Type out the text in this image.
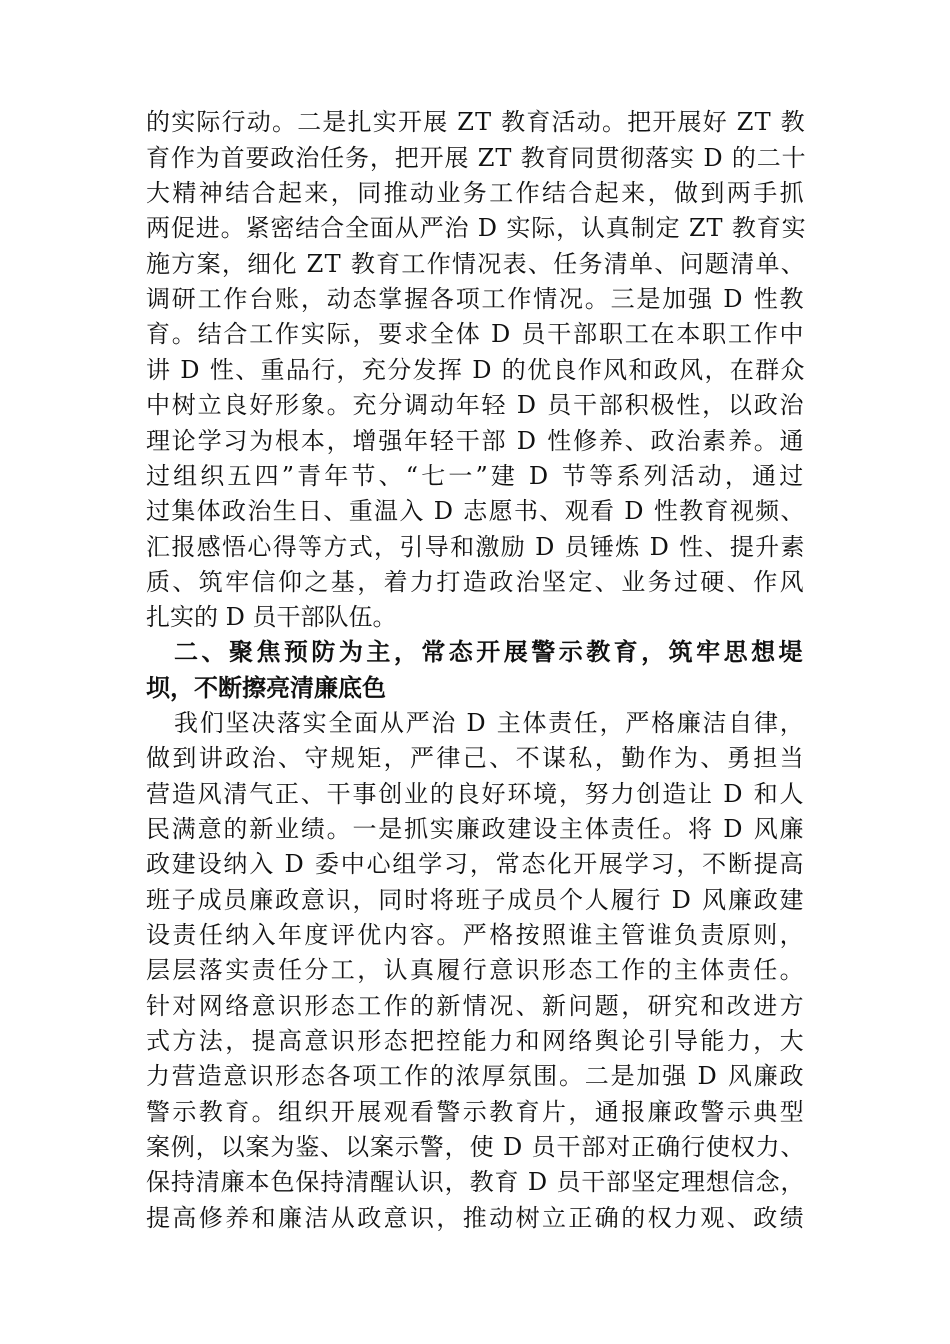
的实际行动。二是扎实开展 ZT 教育活动。把开展好 ZT 教
育作为首要政治任务，把开展 ZT 教育同贯彻落实 D 的二十
大精神结合起来，同推动业务工作结合起来，做到两手抓
两促进。紧密结合全面从严治 D 实际，认真制定 ZT 教育实
施方案，细化 ZT 教育工作情况表、任务清单、问题清单、
调研工作台账，动态掌握各项工作情况。三是加强 D 性教
育。结合工作实际，要求全体 D 员干部职工在本职工作中
讲 D 性、重品行，充分发挥 D 的优良作风和政风，在群众
中树立良好形象。充分调动年轻 D 员干部积极性，以政治
理论学习为根本，增强年轻干部 D 性修养、政治素养。通
过组织五四”青年节、“七一”建 D 节等系列活动，通过
过集体政治生日、重温入 D 志愿书、观看 D 性教育视频、
汇报感悟心得等方式，引导和激励 D 员锤炼 D 性、提升素
质、筑牢信仰之基，着力打造政治坚定、业务过硬、作风
扎实的 D 员干部队伍。
二、聚焦预防为主，常态开展警示教育，筑牢思想堤
坝，不断擦亮清廉底色
我们坚决落实全面从严治 D 主体责任，严格廉洁自律，
做到讲政治、守规矩，严律己、不谋私，勤作为、勇担当
营造风清气正、干事创业的良好环境，努力创造让 D 和人
民满意的新业绩。一是抓实廉政建设主体责任。将 D 风廉
政建设纳入 D 委中心组学习，常态化开展学习，不断提高
班子成员廉政意识，同时将班子成员个人履行 D 风廉政建
设责任纳入年度评优内容。严格按照谁主管谁负责原则，
层层落实责任分工，认真履行意识形态工作的主体责任。
针对网络意识形态工作的新情况、新问题，研究和改进方
式方法，提高意识形态把控能力和网络舆论引导能力，大
力营造意识形态各项工作的浓厚氛围。二是加强 D 风廉政
警示教育。组织开展观看警示教育片，通报廉政警示典型
案例，以案为鉴、以案示警，使 D 员干部对正确行使权力、
保持清廉本色保持清醒认识，教育 D 员干部坚定理想信念，
提高修养和廉洁从政意识，推动树立正确的权力观、政绩
